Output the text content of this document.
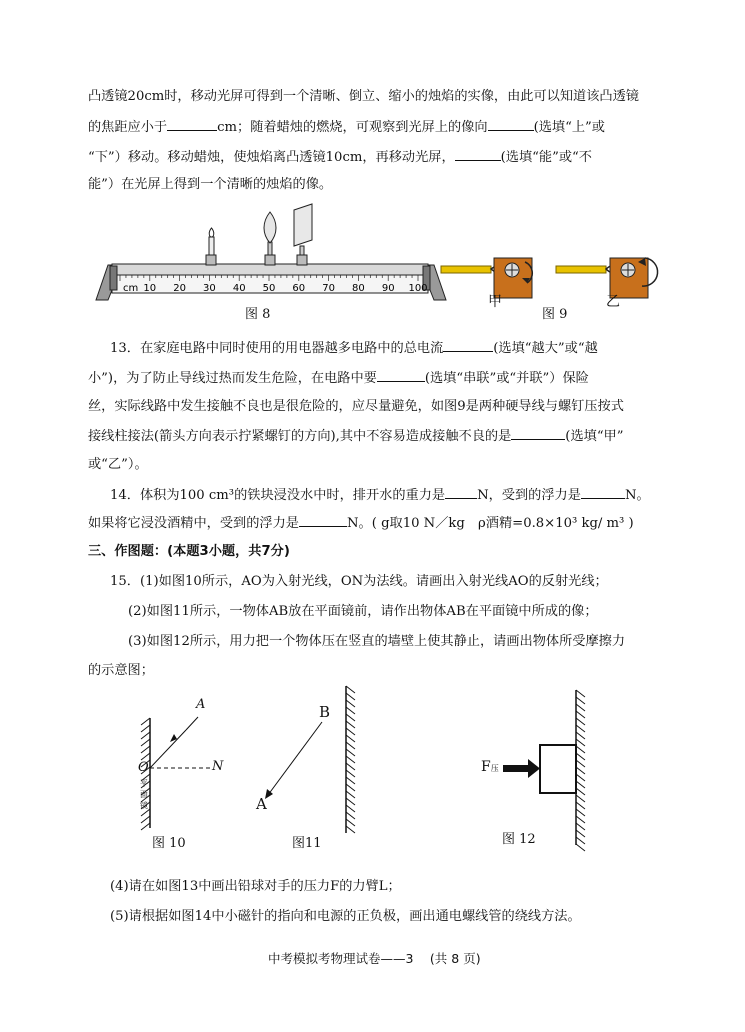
凸透镜20cm时，移动光屏可得到一个清晰、倒立、缩小的烛焰的实像，由此可以知道该凸透镜
的焦距应小于	cm；随着蜡烛的燃烧，可观察到光屏上的像向	(选填“上”或
“下”）移动。移动蜡烛，使烛焰离凸透镜10cm，再移动光屏，	(选填“能”或“不
能”）在光屏上得到一个清晰的烛焰的像。
cm 10 20 30 40 50 60 70 80 90 100
图 8
甲
图 9
乙
13．在家庭电路中同时使用的用电器越多电路中的总电流	(选填“越大”或“越
小”)，为了防止导线过热而发生危险，在电路中要	(选填“串联”或“并联”）保险
丝，实际线路中发生接触不良也是很危险的，应尽量避免，如图9是两种硬导线与螺钉压按式
接线柱接法(箭头方向表示拧紧螺钉的方向),其中不容易造成接触不良的是	(选填“甲”
或“乙”）。
14．体积为100 cm³的铁块浸没水中时，排开水的重力是 N，受到的浮力是	N。
如果将它浸没酒精中，受到的浮力是	N。( g取10 N／kg　ρ酒精=0.8×10³ kg/ m³ )
三、作图题：(本题3小题，共7分)
15．(1)如图10所示，AO为入射光线，ON为法线。请画出入射光线AO的反射光线；
(2)如图11所示，一物体AB放在平面镜前，请作出物体AB在平面镜中所成的像；
(3)如图12所示，用力把一个物体压在竖直的墙壁上使其静止，请画出物体所受摩擦力
的示意图；
A
O	N
平
面
镜
图 10
B
A
图11
F压
图 12
(4)请在如图13中画出铅球对手的压力F的力臂L；
(5)请根据如图14中小磁针的指向和电源的正负极，画出通电螺线管的绕线方法。
中考模拟考物理试卷——3　 (共 8 页)
